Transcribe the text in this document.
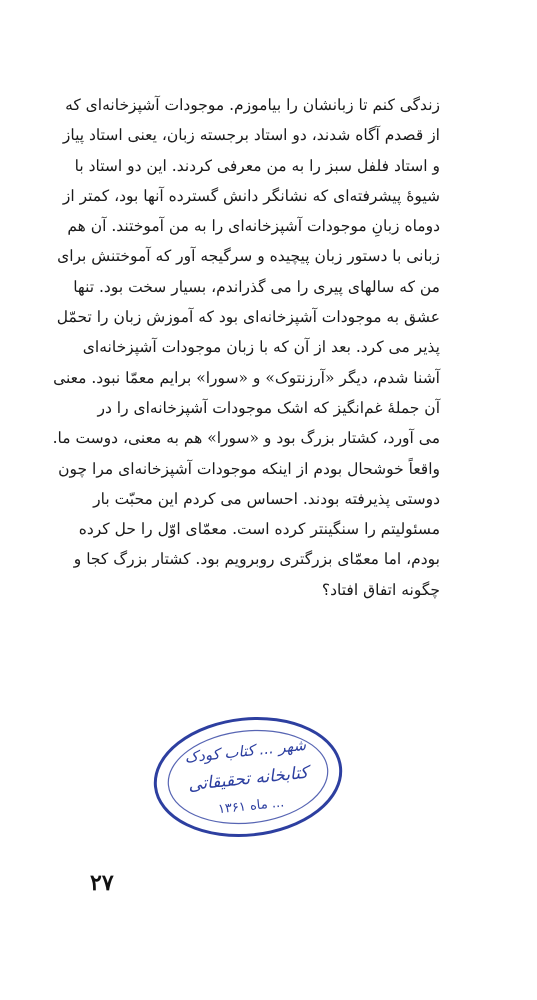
زندگی کنم تا زبانشان را بیاموزم. موجودات آشپزخانه‌ای که
از قصدم آگاه شدند، دو استاد برجسته زبان، یعنی استاد پیاز
و استاد فلفل سبز را به من معرفی کردند. این دو استاد با
شیوهٔ پیشرفته‌ای که نشانگر دانش گسترده آنها بود، کمتر از
دوماه زبانِ موجودات آشپزخانه‌ای را به من آموختند. آن هم
زبانی با دستور زبان پیچیده و سرگیجه آور که آموختنش برای
من که سالهای پیری را می گذراندم، بسیار سخت بود. تنها
عشق به موجودات آشپزخانه‌ای بود که آموزش زبان را تحمّل
پذیر می کرد. بعد از آن که با زبان موجودات آشپزخانه‌ای
آشنا شدم، دیگر «آرزنتوک» و «سورا» برایم معمّا نبود. معنی
آن جملهٔ غم‌انگیز که اشک موجودات آشپزخانه‌ای را در
می آورد، کشتار بزرگ بود و «سورا» هم به معنی، دوست ما.
واقعاً خوشحال بودم از اینکه موجودات آشپزخانه‌ای مرا چون
دوستی پذیرفته بودند. احساس می کردم این محبّت بار
مسئولیتم را سنگینتر کرده است. معمّای اوّل را حل کرده
بودم، اما معمّای بزرگتری روبرویم بود. کشتار بزرگ کجا و
چگونه اتفاق افتاد؟
شهر ... کتاب کودک
کتابخانه تحقیقاتی
... ماه ۱۳۶۱
۲۷
